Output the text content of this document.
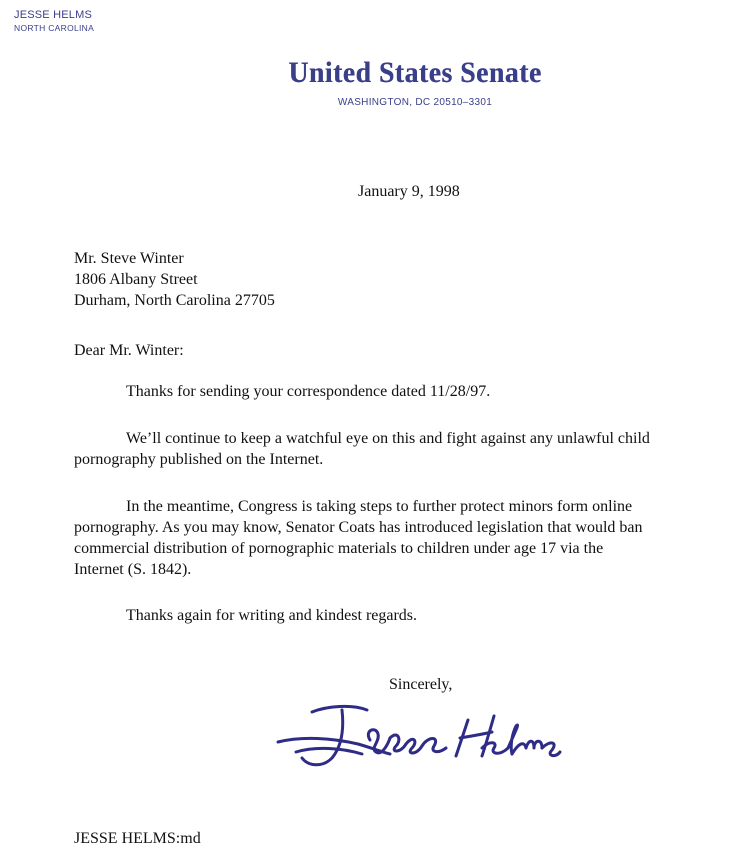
JESSE HELMS
NORTH CAROLINA
United States Senate
WASHINGTON, DC 20510–3301
January 9, 1998
Mr. Steve Winter
1806 Albany Street
Durham, North Carolina 27705
Dear Mr. Winter:
Thanks for sending your correspondence dated 11/28/97.
We’ll continue to keep a watchful eye on this and fight against any unlawful child
pornography published on the Internet.
In the meantime, Congress is taking steps to further protect minors form online
pornography. As you may know, Senator Coats has introduced legislation that would ban
commercial distribution of pornographic materials to children under age 17 via the
Internet (S. 1842).
Thanks again for writing and kindest regards.
Sincerely,
JESSE HELMS:md
